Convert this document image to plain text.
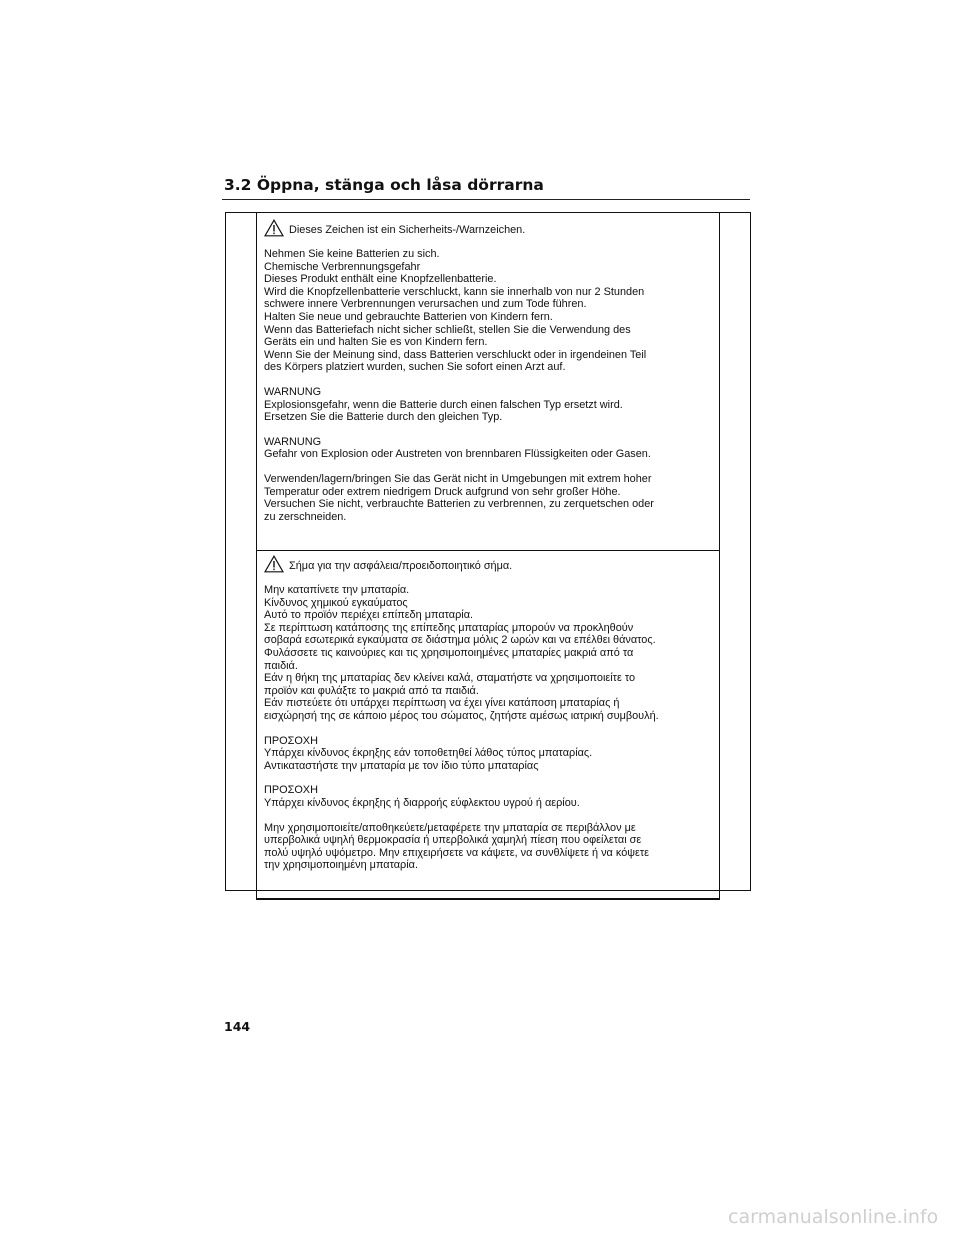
3.2 Öppna, stänga och låsa dörrarna
Dieses Zeichen ist ein Sicherheits-/Warnzeichen.
Nehmen Sie keine Batterien zu sich.
Chemische Verbrennungsgefahr
Dieses Produkt enthält eine Knopfzellenbatterie.
Wird die Knopfzellenbatterie verschluckt, kann sie innerhalb von nur 2 Stunden
schwere innere Verbrennungen verursachen und zum Tode führen.
Halten Sie neue und gebrauchte Batterien von Kindern fern.
Wenn das Batteriefach nicht sicher schließt, stellen Sie die Verwendung des
Geräts ein und halten Sie es von Kindern fern.
Wenn Sie der Meinung sind, dass Batterien verschluckt oder in irgendeinen Teil
des Körpers platziert wurden, suchen Sie sofort einen Arzt auf.
WARNUNG
Explosionsgefahr, wenn die Batterie durch einen falschen Typ ersetzt wird.
Ersetzen Sie die Batterie durch den gleichen Typ.
WARNUNG
Gefahr von Explosion oder Austreten von brennbaren Flüssigkeiten oder Gasen.
Verwenden/lagern/bringen Sie das Gerät nicht in Umgebungen mit extrem hoher
Temperatur oder extrem niedrigem Druck aufgrund von sehr großer Höhe.
Versuchen Sie nicht, verbrauchte Batterien zu verbrennen, zu zerquetschen oder
zu zerschneiden.
Σήμα για την ασφάλεια/προειδοποιητικό σήμα.
Μην καταπίνετε την μπαταρία.
Κίνδυνος χημικού εγκαύματος
Αυτό το προϊόν περιέχει επίπεδη μπαταρία.
Σε περίπτωση κατάποσης της επίπεδης μπαταρίας μπορούν να προκληθούν
σοβαρά εσωτερικά εγκαύματα σε διάστημα μόλις 2 ωρών και να επέλθει θάνατος.
Φυλάσσετε τις καινούριες και τις χρησιμοποιημένες μπαταρίες μακριά από τα
παιδιά.
Εάν η θήκη της μπαταρίας δεν κλείνει καλά, σταματήστε να χρησιμοποιείτε το
προϊόν και φυλάξτε το μακριά από τα παιδιά.
Εάν πιστεύετε ότι υπάρχει περίπτωση να έχει γίνει κατάποση μπαταρίας ή
εισχώρησή της σε κάποιο μέρος του σώματος, ζητήστε αμέσως ιατρική συμβουλή.
ΠΡΟΣΟΧΗ
Υπάρχει κίνδυνος έκρηξης εάν τοποθετηθεί λάθος τύπος μπαταρίας.
Αντικαταστήστε την μπαταρία με τον ίδιο τύπο μπαταρίας
ΠΡΟΣΟΧΗ
Υπάρχει κίνδυνος έκρηξης ή διαρροής εύφλεκτου υγρού ή αερίου.
Μην χρησιμοποιείτε/αποθηκεύετε/μεταφέρετε την μπαταρία σε περιβάλλον με
υπερβολικά υψηλή θερμοκρασία ή υπερβολικά χαμηλή πίεση που οφείλεται σε
πολύ υψηλό υψόμετρο. Μην επιχειρήσετε να κάψετε, να συνθλίψετε ή να κόψετε
την χρησιμοποιημένη μπαταρία.
144
carmanualsonline.info
